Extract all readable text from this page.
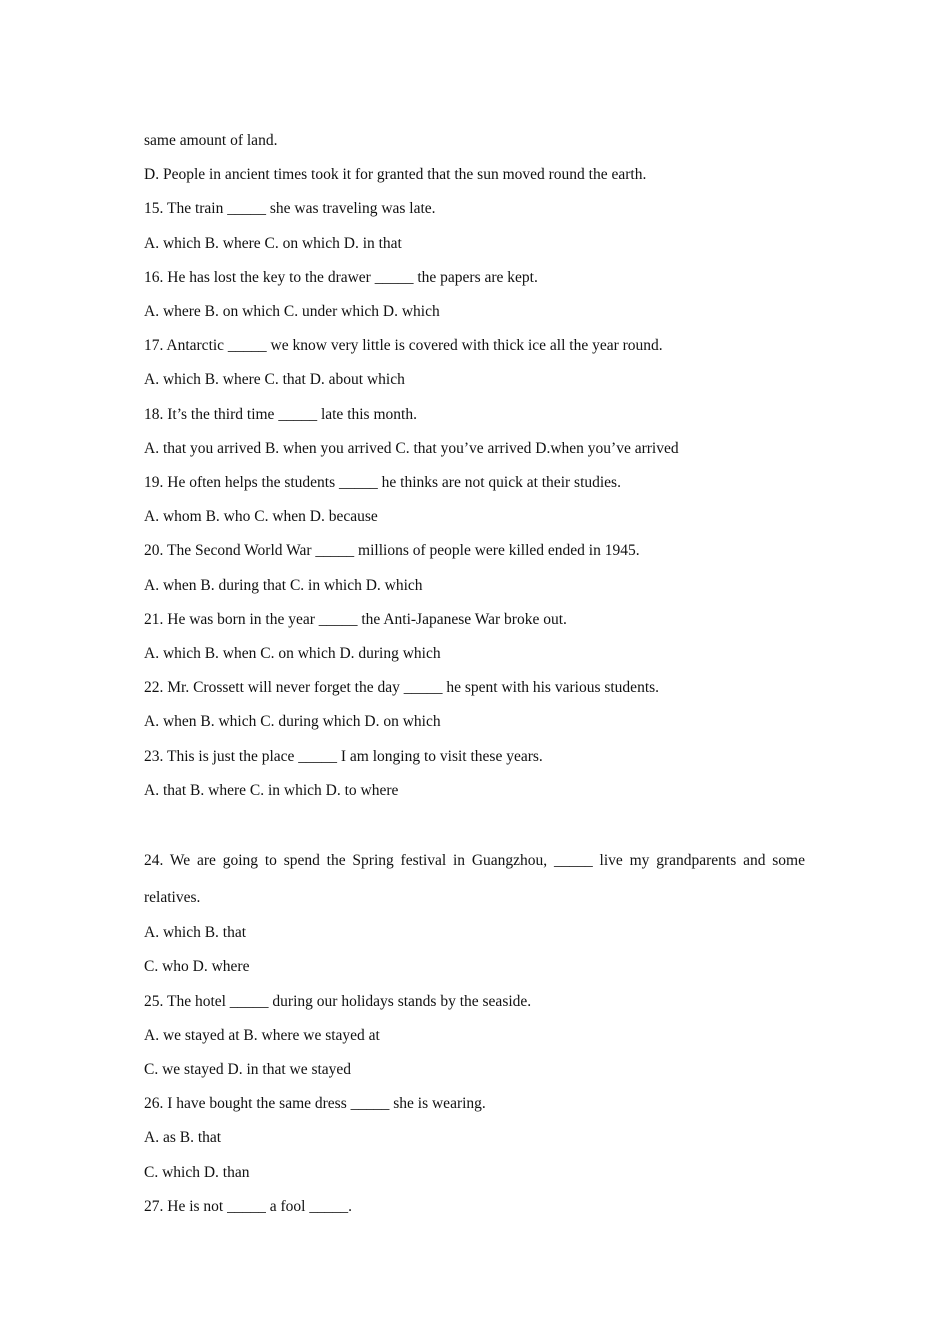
same amount of land.

D. People in ancient times took it for granted that the sun moved round the earth.

15. The train _____ she was traveling was late.

A. which B. where C. on which D. in that

16. He has lost the key to the drawer _____ the papers are kept.

A. where B. on which C. under which D. which

17. Antarctic _____ we know very little is covered with thick ice all the year round.

A. which B. where C. that D. about which

18. It’s the third time _____ late this month.

A. that you arrived B. when you arrived C. that you’ve arrived D.when you’ve arrived

19. He often helps the students _____ he thinks are not quick at their studies.

A. whom B. who C. when D. because

20. The Second World War _____ millions of people were killed ended in 1945.

A. when B. during that C. in which D. which

21. He was born in the year _____ the Anti-Japanese War broke out.

A. which B. when C. on which D. during which

22. Mr. Crossett will never forget the day _____ he spent with his various students.

A. when B. which C. during which D. on which

23. This is just the place _____ I am longing to visit these years.

A. that B. where C. in which D. to where

24. We are going to spend the Spring festival in Guangzhou, _____ live my grandparents and some relatives.

A. which B. that

C. who D. where

25. The hotel _____ during our holidays stands by the seaside.

A. we stayed at B. where we stayed at

C. we stayed D. in that we stayed

26. I have bought the same dress _____ she is wearing.

A. as B. that

C. which D. than

27. He is not _____ a fool _____.
